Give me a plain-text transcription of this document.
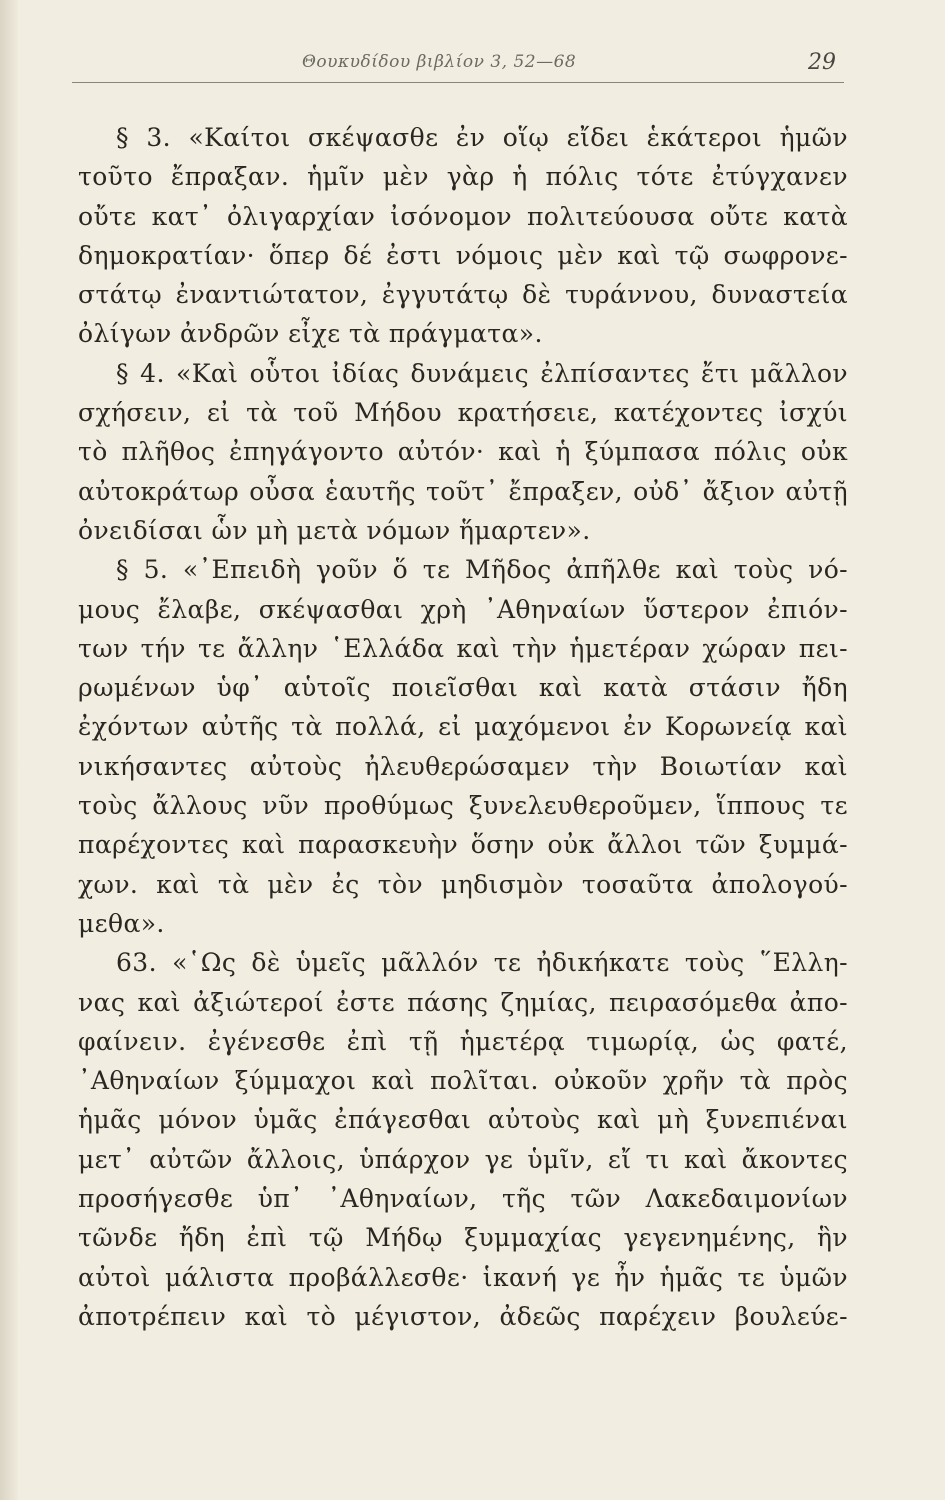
Θουκυδίδου βιβλίον 3, 52—68	29
§ 3. «Καίτοι σκέψασθε ἐν οἵῳ εἴδει ἑκάτεροι ἡμῶν
τοῦτο ἔπραξαν. ἡμῖν μὲν γὰρ ἡ πόλις τότε ἐτύγχανεν
οὔτε κατ᾽ ὀλιγαρχίαν ἰσόνομον πολιτεύουσα οὔτε κατὰ
δημοκρατίαν· ὅπερ δέ ἐστι νόμοις μὲν καὶ τῷ σωφρονε-
στάτῳ ἐναντιώτατον, ἐγγυτάτῳ δὲ τυράννου, δυναστεία
ὀλίγων ἀνδρῶν εἶχε τὰ πράγματα».
§ 4. «Καὶ οὗτοι ἰδίας δυνάμεις ἐλπίσαντες ἔτι μᾶλλον
σχήσειν, εἰ τὰ τοῦ Μήδου κρατήσειε, κατέχοντες ἰσχύι
τὸ πλῆθος ἐπηγάγοντο αὐτόν· καὶ ἡ ξύμπασα πόλις οὐκ
αὐτοκράτωρ οὖσα ἑαυτῆς τοῦτ᾽ ἔπραξεν, οὐδ᾽ ἄξιον αὐτῇ
ὀνειδίσαι ὧν μὴ μετὰ νόμων ἥμαρτεν».
§ 5. «᾽Επειδὴ γοῦν ὅ τε Μῆδος ἀπῆλθε καὶ τοὺς νό-
μους ἔλαβε, σκέψασθαι χρὴ ᾽Αθηναίων ὕστερον ἐπιόν-
των τήν τε ἄλλην ῾Ελλάδα καὶ τὴν ἡμετέραν χώραν πει-
ρωμένων ὑφ᾽ αὑτοῖς ποιεῖσθαι καὶ κατὰ στάσιν ἤδη
ἐχόντων αὐτῆς τὰ πολλά, εἰ μαχόμενοι ἐν Κορωνείᾳ καὶ
νικήσαντες αὐτοὺς ἠλευθερώσαμεν τὴν Βοιωτίαν καὶ
τοὺς ἄλλους νῦν προθύμως ξυνελευθεροῦμεν, ἵππους τε
παρέχοντες καὶ παρασκευὴν ὅσην οὐκ ἄλλοι τῶν ξυμμά-
χων. καὶ τὰ μὲν ἐς τὸν μηδισμὸν τοσαῦτα ἀπολογού-
μεθα».
63. «῾Ως δὲ ὑμεῖς μᾶλλόν τε ἠδικήκατε τοὺς ῞Ελλη-
νας καὶ ἀξιώτεροί ἐστε πάσης ζημίας, πειρασόμεθα ἀπο-
φαίνειν. ἐγένεσθε ἐπὶ τῇ ἡμετέρᾳ τιμωρίᾳ, ὡς φατέ,
᾽Αθηναίων ξύμμαχοι καὶ πολῖται. οὐκοῦν χρῆν τὰ πρὸς
ἡμᾶς μόνον ὑμᾶς ἐπάγεσθαι αὐτοὺς καὶ μὴ ξυνεπιέναι
μετ᾽ αὐτῶν ἄλλοις, ὑπάρχον γε ὑμῖν, εἴ τι καὶ ἄκοντες
προσήγεσθε ὑπ᾽ ᾽Αθηναίων, τῆς τῶν Λακεδαιμονίων
τῶνδε ἤδη ἐπὶ τῷ Μήδῳ ξυμμαχίας γεγενημένης, ἣν
αὐτοὶ μάλιστα προβάλλεσθε· ἱκανή γε ἦν ἡμᾶς τε ὑμῶν
ἀποτρέπειν καὶ τὸ μέγιστον, ἀδεῶς παρέχειν βουλεύε-
